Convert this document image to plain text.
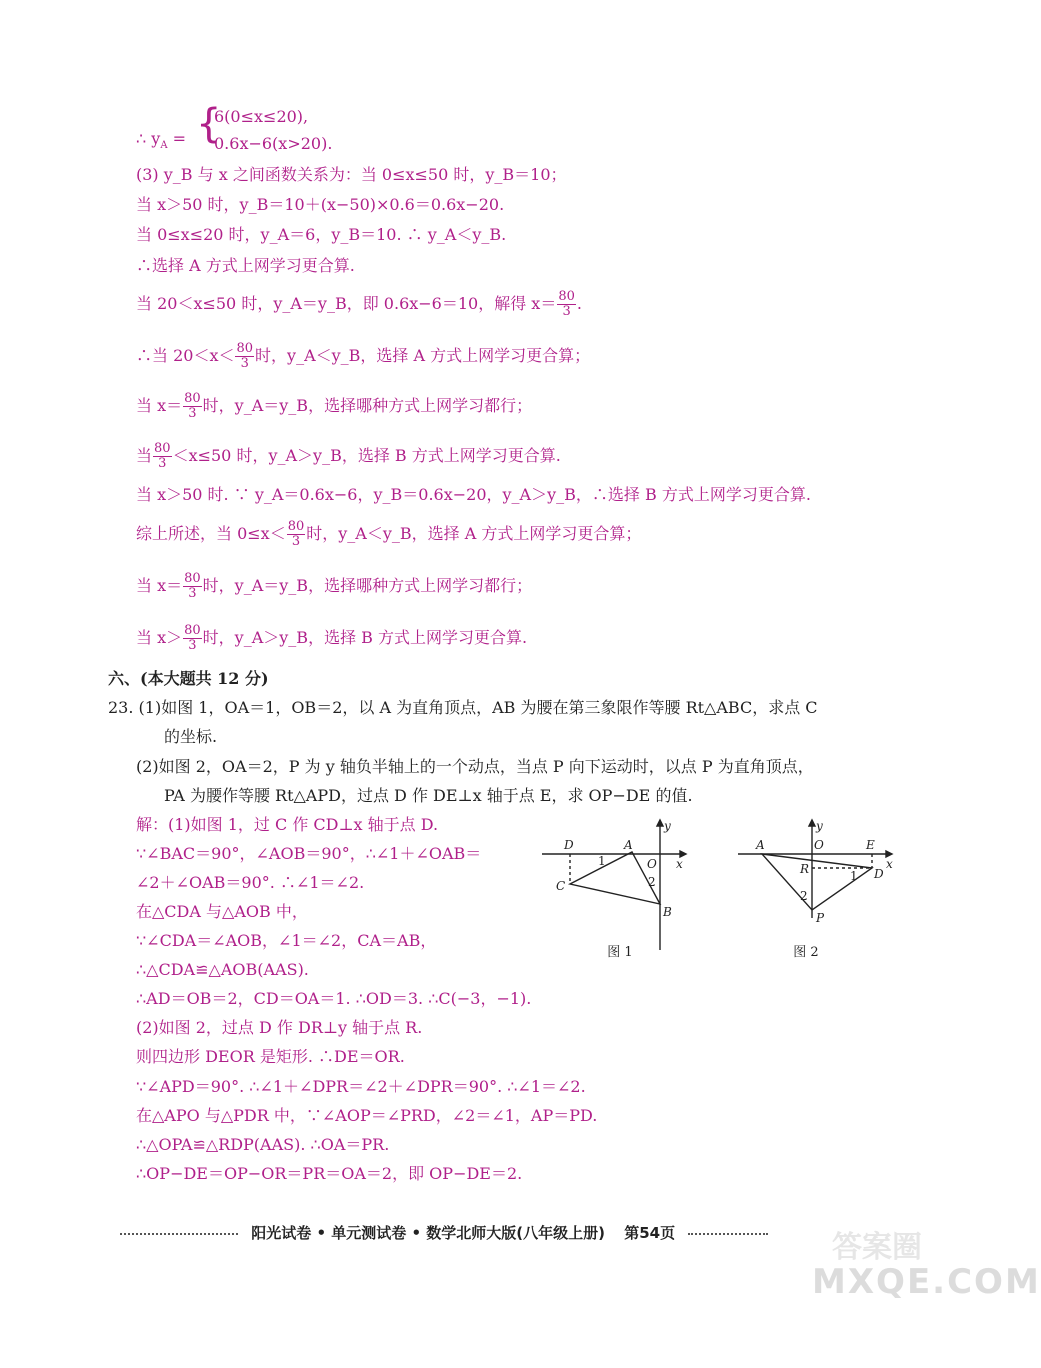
∴ $y_A$ = {
6(0≤x≤20),
0.6x−6(x>20).
(3) y_B 与 x 之间函数关系为：当 0≤x≤50 时，y_B＝10；
当 x＞50 时，y_B＝10＋(x−50)×0.6＝0.6x−20.
当 0≤x≤20 时，y_A＝6，y_B＝10. ∴ y_A＜y_B.
∴选择 A 方式上网学习更合算.
当 20＜x≤50 时，y_A＝y_B，即 0.6x−6＝10，解得 $x= \frac{80}{3}$ .
∴当 $20<x< \frac{80}{3}$ 时，y_A＜y_B，选择 A 方式上网学习更合算；
当 $x= \frac{80}{3}$ 时，y_A＝y_B，选择哪种方式上网学习都行；
当 $\frac{80}{3} <x\le 50$ 时，y_A＞y_B，选择 B 方式上网学习更合算.
当 x＞50 时. ∵ y_A＝0.6x−6，y_B＝0.6x−20，y_A＞y_B，∴选择 B 方式上网学习更合算.
综上所述，当 $0\le x< \frac{80}{3}$ 时，y_A＜y_B，选择 A 方式上网学习更合算；
当 $x= \frac{80}{3}$ 时，y_A＝y_B，选择哪种方式上网学习都行；
当 $x> \frac{80}{3}$ 时，y_A＞y_B，选择 B 方式上网学习更合算.
六、(本大题共 12 分)
23. (1)如图 1，OA＝1，OB＝2，以 A 为直角顶点，AB 为腰在第三象限作等腰 Rt△ABC，求点 C
的坐标.
(2)如图 2，OA＝2，P 为 y 轴负半轴上的一个动点，当点 P 向下运动时，以点 P 为直角顶点，
PA 为腰作等腰 Rt△APD，过点 D 作 DE⊥x 轴于点 E，求 OP−DE 的值.
解：(1)如图 1，过 C 作 CD⊥x 轴于点 D.
∵∠BAC＝90°，∠AOB＝90°，∴∠1＋∠OAB＝
∠2＋∠OAB＝90°. ∴∠1＝∠2.
在△CDA 与△AOB 中，
∵∠CDA＝∠AOB，∠1＝∠2，CA＝AB，
∴△CDA≌△AOB(AAS).
∴AD＝OB＝2，CD＝OA＝1. ∴OD＝3. ∴C(−3，−1).
(2)如图 2，过点 D 作 DR⊥y 轴于点 R.
则四边形 DEOR 是矩形. ∴DE＝OR.
∵∠APD＝90°. ∴∠1＋∠DPR＝∠2＋∠DPR＝90°. ∴∠1＝∠2.
在△APO 与△PDR 中，∵∠AOP＝∠PRD，∠2＝∠1，AP＝PD.
∴△OPA≌△RDP(AAS). ∴OA＝PR.
∴OP−DE＝OP−OR＝PR＝OA＝2，即 OP−DE＝2.
y
x
O
A
D
B
C
1
2
图 1
y
x
O
A	E
R	D
P
1
2
图 2
阳光试卷 • 单元测试卷 • 数学北师大版(八年级上册) 第54页	答案圈
MXQE.COM
